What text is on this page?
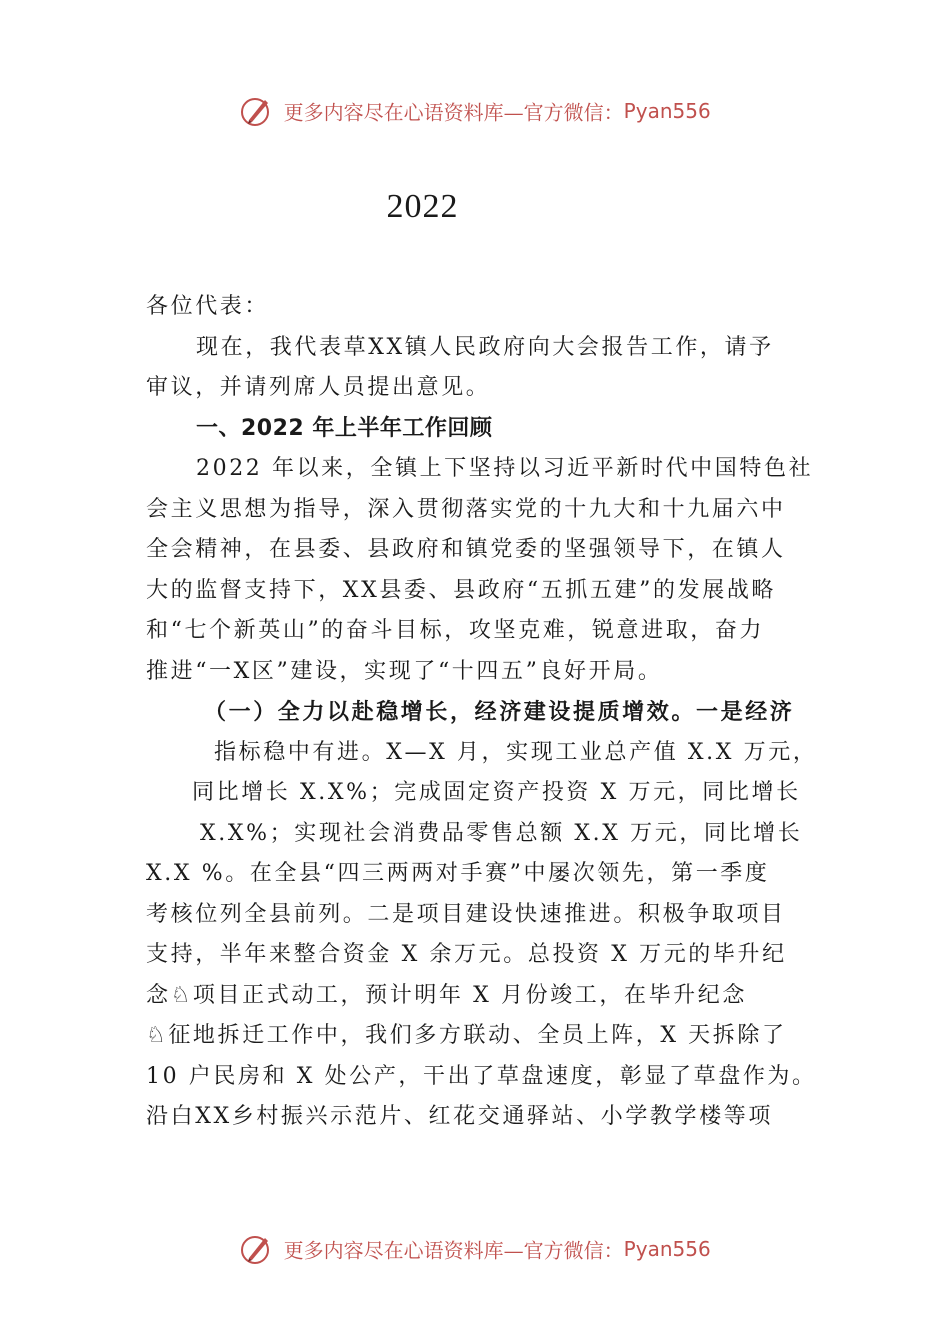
更多内容尽在心语资料库—官方微信：Pyan556
2022
各位代表：
现在，我代表草XX镇人民政府向大会报告工作，请予
审议，并请列席人员提出意见。
一、2022 年上半年工作回顾
2022 年以来，全镇上下坚持以习近平新时代中国特色社
会主义思想为指导，深入贯彻落实党的十九大和十九届六中
全会精神，在县委、县政府和镇党委的坚强领导下，在镇人
大的监督支持下，XX县委、县政府“五抓五建”的发展战略
和“七个新英山”的奋斗目标，攻坚克难，锐意进取，奋力
推进“一X区”建设，实现了“十四五”良好开局。
（一）全力以赴稳增长，经济建设提质增效。一是经济
指标稳中有进。X—X 月，实现工业总产值 X.X 万元，
同比增长 X.X%；完成固定资产投资 X 万元，同比增长
X.X%；实现社会消费品零售总额 X.X 万元，同比增长
X.X %。在全县“四三两两对手赛”中屡次领先，第一季度
考核位列全县前列。二是项目建设快速推进。积极争取项目
支持，半年来整合资金 X 余万元。总投资 X 万元的毕升纪
念♘项目正式动工，预计明年 X 月份竣工，在毕升纪念
♘征地拆迁工作中，我们多方联动、全员上阵，X 天拆除了
10 户民房和 X 处公产，干出了草盘速度，彰显了草盘作为。
沿白XX乡村振兴示范片、红花交通驿站、小学教学楼等项
更多内容尽在心语资料库—官方微信：Pyan556
